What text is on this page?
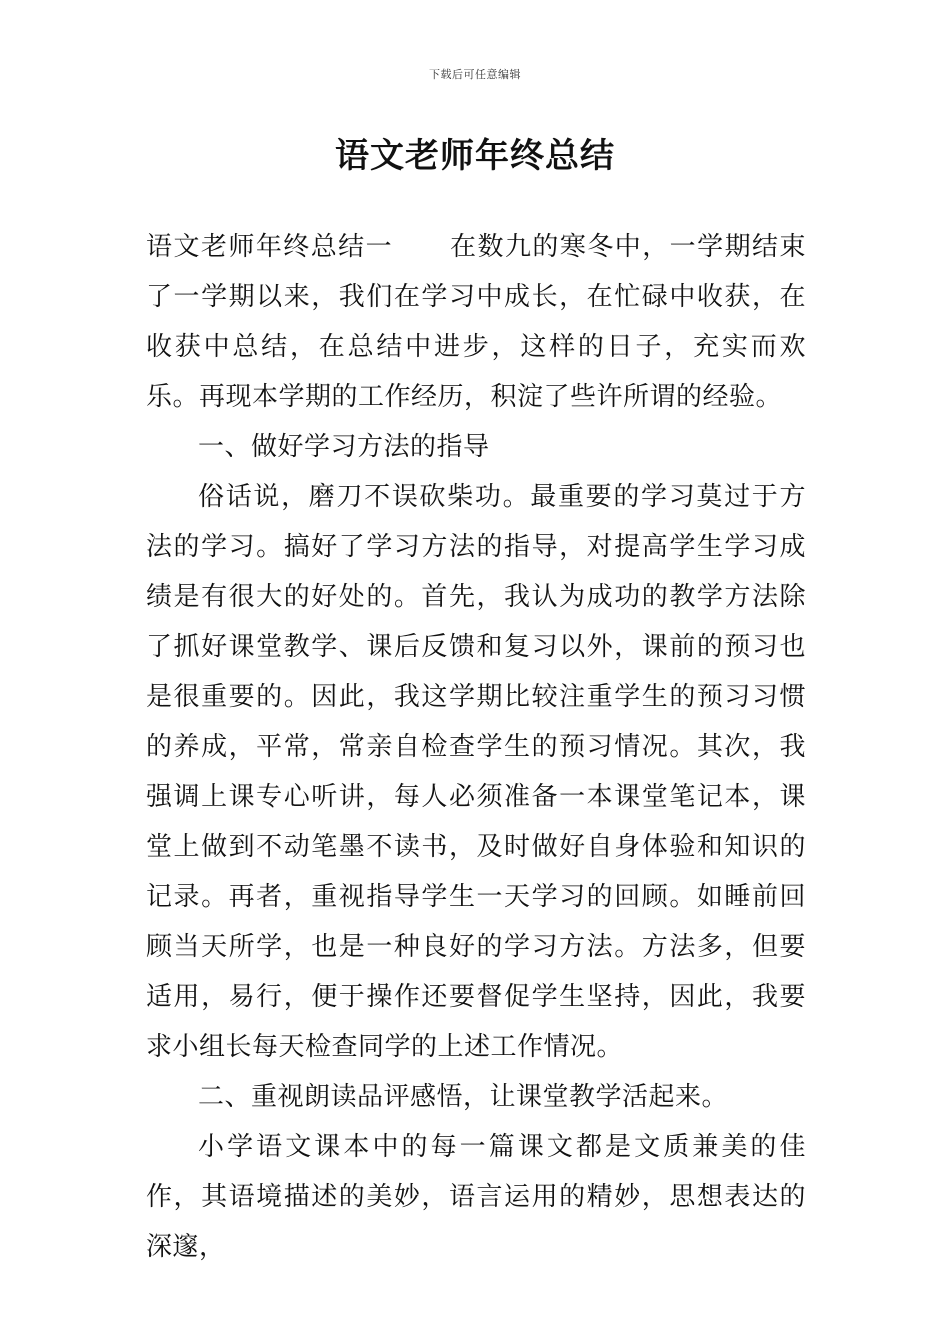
下载后可任意编辑
语文老师年终总结

语文老师年终总结一 在数九的寒冬中，一学期结束了一学期以来，我们在学习中成长，在忙碌中收获，在收获中总结，在总结中进步，这样的日子，充实而欢乐。再现本学期的工作经历，积淀了些许所谓的经验。

一、做好学习方法的指导

俗话说，磨刀不误砍柴功。最重要的学习莫过于方法的学习。搞好了学习方法的指导，对提高学生学习成绩是有很大的好处的。首先，我认为成功的教学方法除了抓好课堂教学、课后反馈和复习以外，课前的预习也是很重要的。因此，我这学期比较注重学生的预习习惯的养成，平常，常亲自检查学生的预习情况。其次，我强调上课专心听讲，每人必须准备一本课堂笔记本，课堂上做到不动笔墨不读书，及时做好自身体验和知识的记录。再者，重视指导学生一天学习的回顾。如睡前回顾当天所学，也是一种良好的学习方法。方法多，但要适用，易行，便于操作还要督促学生坚持，因此，我要求小组长每天检查同学的上述工作情况。

二、重视朗读品评感悟，让课堂教学活起来。

小学语文课本中的每一篇课文都是文质兼美的佳作，其语境描述的美妙，语言运用的精妙，思想表达的深邃，
